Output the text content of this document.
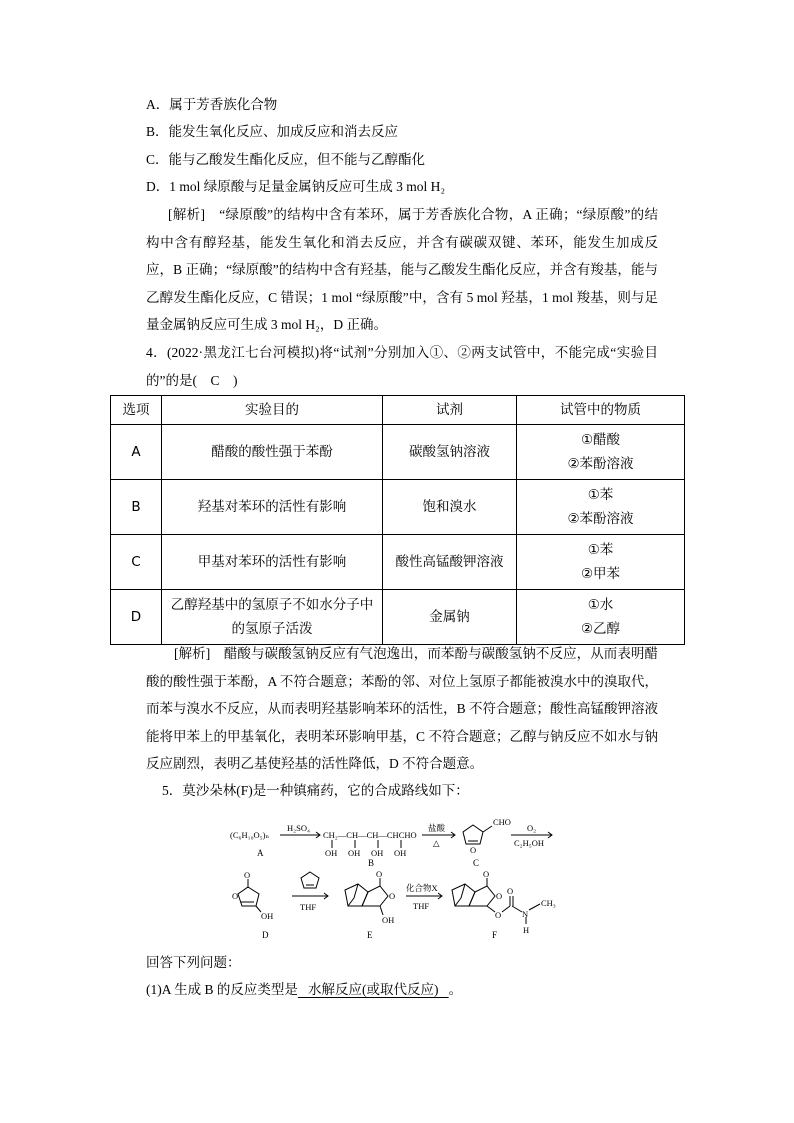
A．属于芳香族化合物
B．能发生氧化反应、加成反应和消去反应
C．能与乙酸发生酯化反应，但不能与乙醇酯化
D．1 mol 绿原酸与足量金属钠反应可生成 3 mol H₂
[解析]　“绿原酸”的结构中含有苯环，属于芳香族化合物，A 正确；“绿原酸”的结构中含有醇羟基，能发生氧化和消去反应，并含有碳碳双键、苯环，能发生加成反应，B 正确；“绿原酸”的结构中含有羟基，能与乙酸发生酯化反应，并含有羧基，能与乙醇发生酯化反应，C 错误；1 mol “绿原酸”中，含有 5 mol 羟基，1 mol 羧基，则与足量金属钠反应可生成 3 mol H₂，D 正确。
4．(2022·黑龙江七台河模拟)将“试剂”分别加入①、②两支试管中，不能完成“实验目的”的是(　C　)
选项	实验目的	试剂	试管中的物质
A	醋酸的酸性强于苯酚	碳酸氢钠溶液	①醋酸
②苯酚溶液

B	羟基对苯环的活性有影响	饱和溴水	①苯
②苯酚溶液

C	甲基对苯环的活性有影响	酸性高锰酸钾溶液	①苯
②甲苯

D	乙醇羟基中的氢原子不如水分子中
的氢原子活泼	金属钠	①水
②乙醇
[解析]　醋酸与碳酸氢钠反应有气泡逸出，而苯酚与碳酸氢钠不反应，从而表明醋酸的酸性强于苯酚，A 不符合题意；苯酚的邻、对位上氢原子都能被溴水中的溴取代，而苯与溴水不反应，从而表明羟基影响苯环的活性，B 不符合题意；酸性高锰酸钾溶液能将甲苯上的甲基氧化，表明苯环影响甲基，C 不符合题意；乙醇与钠反应不如水与钠反应剧烈，表明乙基使羟基的活性降低，D 不符合题意。
5．莫沙朵林(F)是一种镇痛药，它的合成路线如下：
(C₆H₁₀O₅)ₙ
H₂SO₄
CH₂—CH—CH—CHCHO
OH OH OH OH
盐酸
△
O
CHO
O₂
C₂H₅OH
O
O
OH
THF
O
O
OH
化合物X
THF
O
O
O
O
N
H
CH₃
A
B	C
D	E	F
回答下列问题：
(1)A 生成 B 的反应类型是 水解反应(或取代反应) 。
